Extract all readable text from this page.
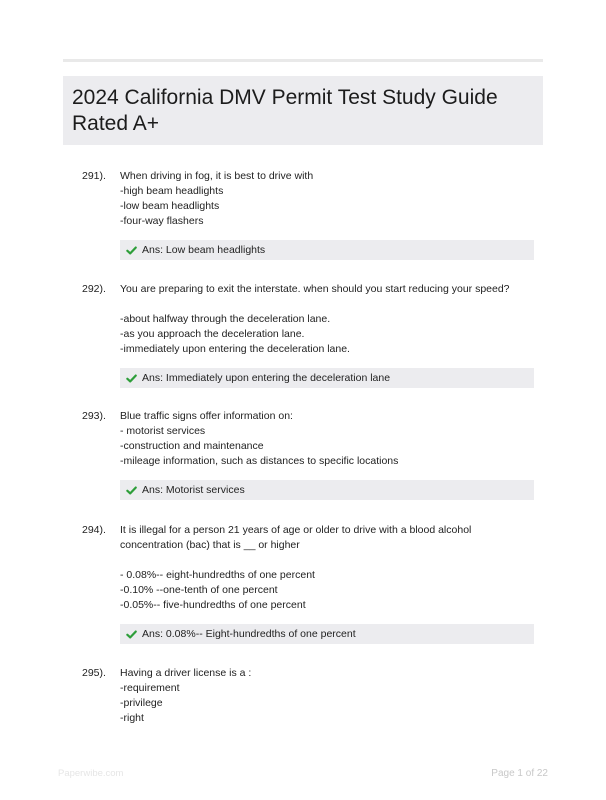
2024 California DMV Permit Test Study Guide Rated A+
291).	When driving in fog, it is best to drive with
-high beam headlights
-low beam headlights
-four-way flashers
Ans: Low beam headlights
292).	You are preparing to exit the interstate. when should you start reducing your speed?

-about halfway through the deceleration lane.
-as you approach the deceleration lane.
-immediately upon entering the deceleration lane.
Ans: Immediately upon entering the deceleration lane
293).	Blue traffic signs offer information on:
- motorist services
-construction and maintenance
-mileage information, such as distances to specific locations
Ans: Motorist services
294).	It is illegal for a person 21 years of age or older to drive with a blood alcohol
concentration (bac) that is __ or higher

- 0.08%-- eight-hundredths of one percent
-0.10% --one-tenth of one percent
-0.05%-- five-hundredths of one percent
Ans: 0.08%-- Eight-hundredths of one percent
295).	Having a driver license is a :
-requirement
-privilege
-right
Paperwibe.com	Page 1 of 22
